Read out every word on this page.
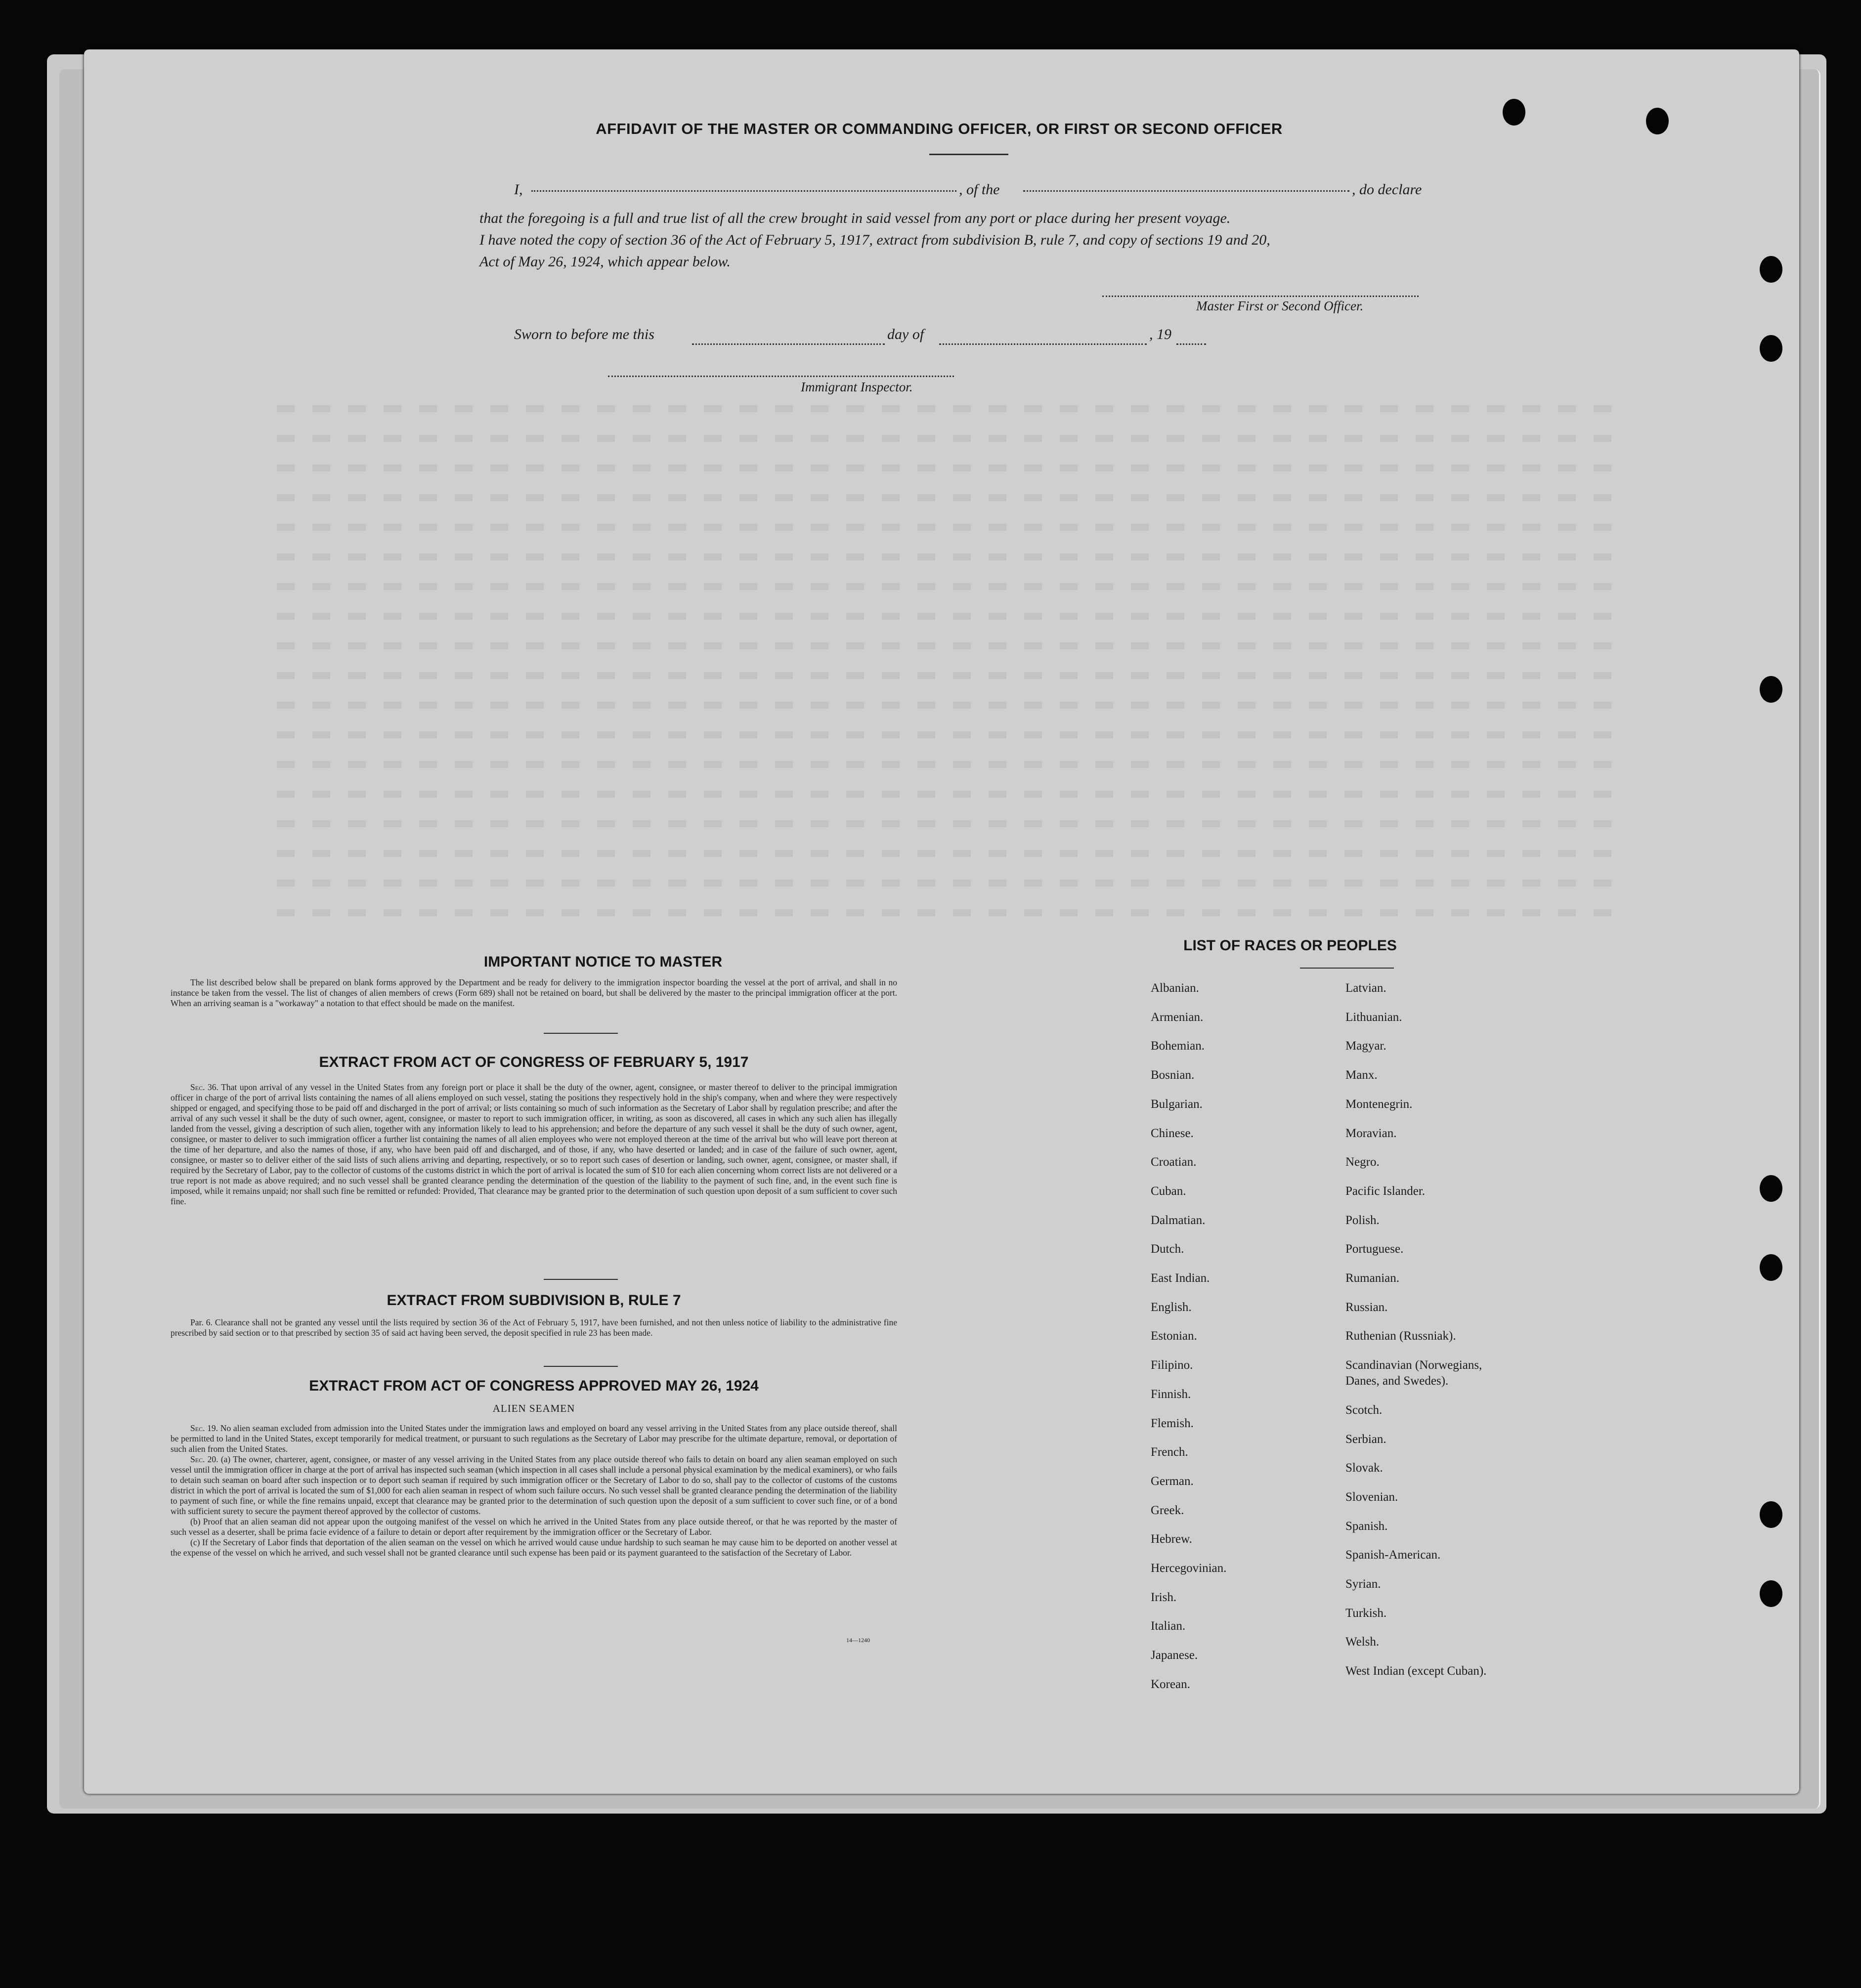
AFFIDAVIT OF THE MASTER OR COMMANDING OFFICER, OR FIRST OR SECOND OFFICER
I,	, of the	, do declare
that the foregoing is a full and true list of all the crew brought in said vessel from any port or place during her present voyage.
I have noted the copy of section 36 of the Act of February 5, 1917, extract from subdivision B, rule 7, and copy of sections 19 and 20,
Act of May 26, 1924, which appear below.
Master First or Second Officer.
Sworn to before me this	day of	, 19
Immigrant Inspector.
IMPORTANT NOTICE TO MASTER

The list described below shall be prepared on blank forms approved by the Department and be ready for delivery to the immigration inspector boarding the vessel at the port of arrival, and shall in no instance be taken from the vessel. The list of changes of alien members of crews (Form 689) shall not be retained on board, but shall be delivered by the master to the principal immigration officer at the port. When an arriving seaman is a "workaway" a notation to that effect should be made on the manifest.

EXTRACT FROM ACT OF CONGRESS OF FEBRUARY 5, 1917

Sec. 36. That upon arrival of any vessel in the United States from any foreign port or place it shall be the duty of the owner, agent, consignee, or master thereof to deliver to the principal immigration officer in charge of the port of arrival lists containing the names of all aliens employed on such vessel, stating the positions they respectively hold in the ship's company, when and where they were respectively shipped or engaged, and specifying those to be paid off and discharged in the port of arrival; or lists containing so much of such information as the Secretary of Labor shall by regulation prescribe; and after the arrival of any such vessel it shall be the duty of such owner, agent, consignee, or master to report to such immigration officer, in writing, as soon as discovered, all cases in which any such alien has illegally landed from the vessel, giving a description of such alien, together with any information likely to lead to his apprehension; and before the departure of any such vessel it shall be the duty of such owner, agent, consignee, or master to deliver to such immigration officer a further list containing the names of all alien employees who were not employed thereon at the time of the arrival but who will leave port thereon at the time of her departure, and also the names of those, if any, who have been paid off and discharged, and of those, if any, who have deserted or landed; and in case of the failure of such owner, agent, consignee, or master so to deliver either of the said lists of such aliens arriving and departing, respectively, or so to report such cases of desertion or landing, such owner, agent, consignee, or master shall, if required by the Secretary of Labor, pay to the collector of customs of the customs district in which the port of arrival is located the sum of $10 for each alien concerning whom correct lists are not delivered or a true report is not made as above required; and no such vessel shall be granted clearance pending the determination of the question of the liability to the payment of such fine, and, in the event such fine is imposed, while it remains unpaid; nor shall such fine be remitted or refunded: Provided, That clearance may be granted prior to the determination of such question upon deposit of a sum sufficient to cover such fine.

EXTRACT FROM SUBDIVISION B, RULE 7

Par. 6. Clearance shall not be granted any vessel until the lists required by section 36 of the Act of February 5, 1917, have been furnished, and not then unless notice of liability to the administrative fine prescribed by said section or to that prescribed by section 35 of said act having been served, the deposit specified in rule 23 has been made.

EXTRACT FROM ACT OF CONGRESS APPROVED MAY 26, 1924
ALIEN SEAMEN

Sec. 19. No alien seaman excluded from admission into the United States under the immigration laws and employed on board any vessel arriving in the United States from any place outside thereof, shall be permitted to land in the United States, except temporarily for medical treatment, or pursuant to such regulations as the Secretary of Labor may prescribe for the ultimate departure, removal, or deportation of such alien from the United States.

Sec. 20. (a) The owner, charterer, agent, consignee, or master of any vessel arriving in the United States from any place outside thereof who fails to detain on board any alien seaman employed on such vessel until the immigration officer in charge at the port of arrival has inspected such seaman (which inspection in all cases shall include a personal physical examination by the medical examiners), or who fails to detain such seaman on board after such inspection or to deport such seaman if required by such immigration officer or the Secretary of Labor to do so, shall pay to the collector of customs of the customs district in which the port of arrival is located the sum of $1,000 for each alien seaman in respect of whom such failure occurs. No such vessel shall be granted clearance pending the determination of the liability to payment of such fine, or while the fine remains unpaid, except that clearance may be granted prior to the determination of such question upon the deposit of a sum sufficient to cover such fine, or of a bond with sufficient surety to secure the payment thereof approved by the collector of customs.

(b) Proof that an alien seaman did not appear upon the outgoing manifest of the vessel on which he arrived in the United States from any place outside thereof, or that he was reported by the master of such vessel as a deserter, shall be prima facie evidence of a failure to detain or deport after requirement by the immigration officer or the Secretary of Labor.

(c) If the Secretary of Labor finds that deportation of the alien seaman on the vessel on which he arrived would cause undue hardship to such seaman he may cause him to be deported on another vessel at the expense of the vessel on which he arrived, and such vessel shall not be granted clearance until such expense has been paid or its payment guaranteed to the satisfaction of the Secretary of Labor.

14—1240
LIST OF RACES OR PEOPLES
Albanian.
Armenian.
Bohemian.
Bosnian.
Bulgarian.
Chinese.
Croatian.
Cuban.
Dalmatian.
Dutch.
East Indian.
English.
Estonian.
Filipino.
Finnish.
Flemish.
French.
German.
Greek.
Hebrew.
Hercegovinian.
Irish.
Italian.
Japanese.
Korean.
Latvian.
Lithuanian.
Magyar.
Manx.
Montenegrin.
Moravian.
Negro.
Pacific Islander.
Polish.
Portuguese.
Rumanian.
Russian.
Ruthenian (Russniak).
Scandinavian (Norwegians,
Danes, and Swedes).
Scotch.
Serbian.
Slovak.
Slovenian.
Spanish.
Spanish-American.
Syrian.
Turkish.
Welsh.
West Indian (except Cuban).
